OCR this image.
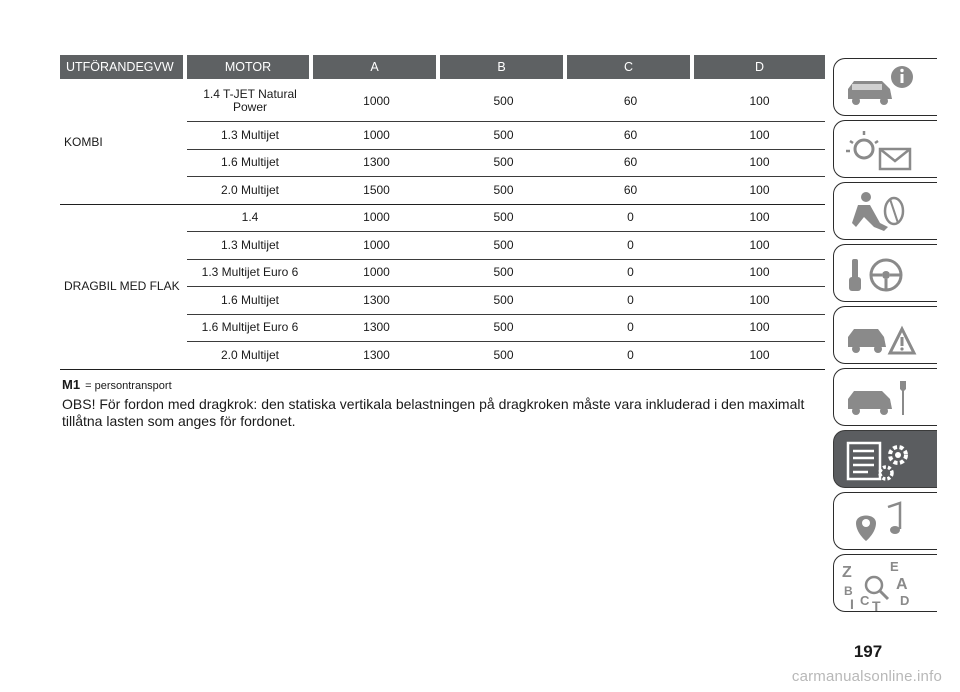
UTFÖRANDEGVW	MOTOR	A	B	C	D
KOMBI	1.4 T-JET Natural Power	1000	500	60	100
	1.3 Multijet	1000	500	60	100
	1.6 Multijet	1300	500	60	100
	2.0 Multijet	1500	500	60	100
DRAGBIL MED FLAK	1.4	1000	500	0	100
	1.3 Multijet	1000	500	0	100
	1.3 Multijet Euro 6	1000	500	0	100
	1.6 Multijet	1300	500	0	100
	1.6 Multijet Euro 6	1300	500	0	100
	2.0 Multijet	1300	500	0	100
M1 = persontransport
OBS! För fordon med dragkrok: den statiska vertikala belastningen på dragkroken måste vara inkluderad i den maximalt tillåtna lasten som anges för fordonet.
Z
B
I C T
E
A
D
197
carmanualsonline.info
